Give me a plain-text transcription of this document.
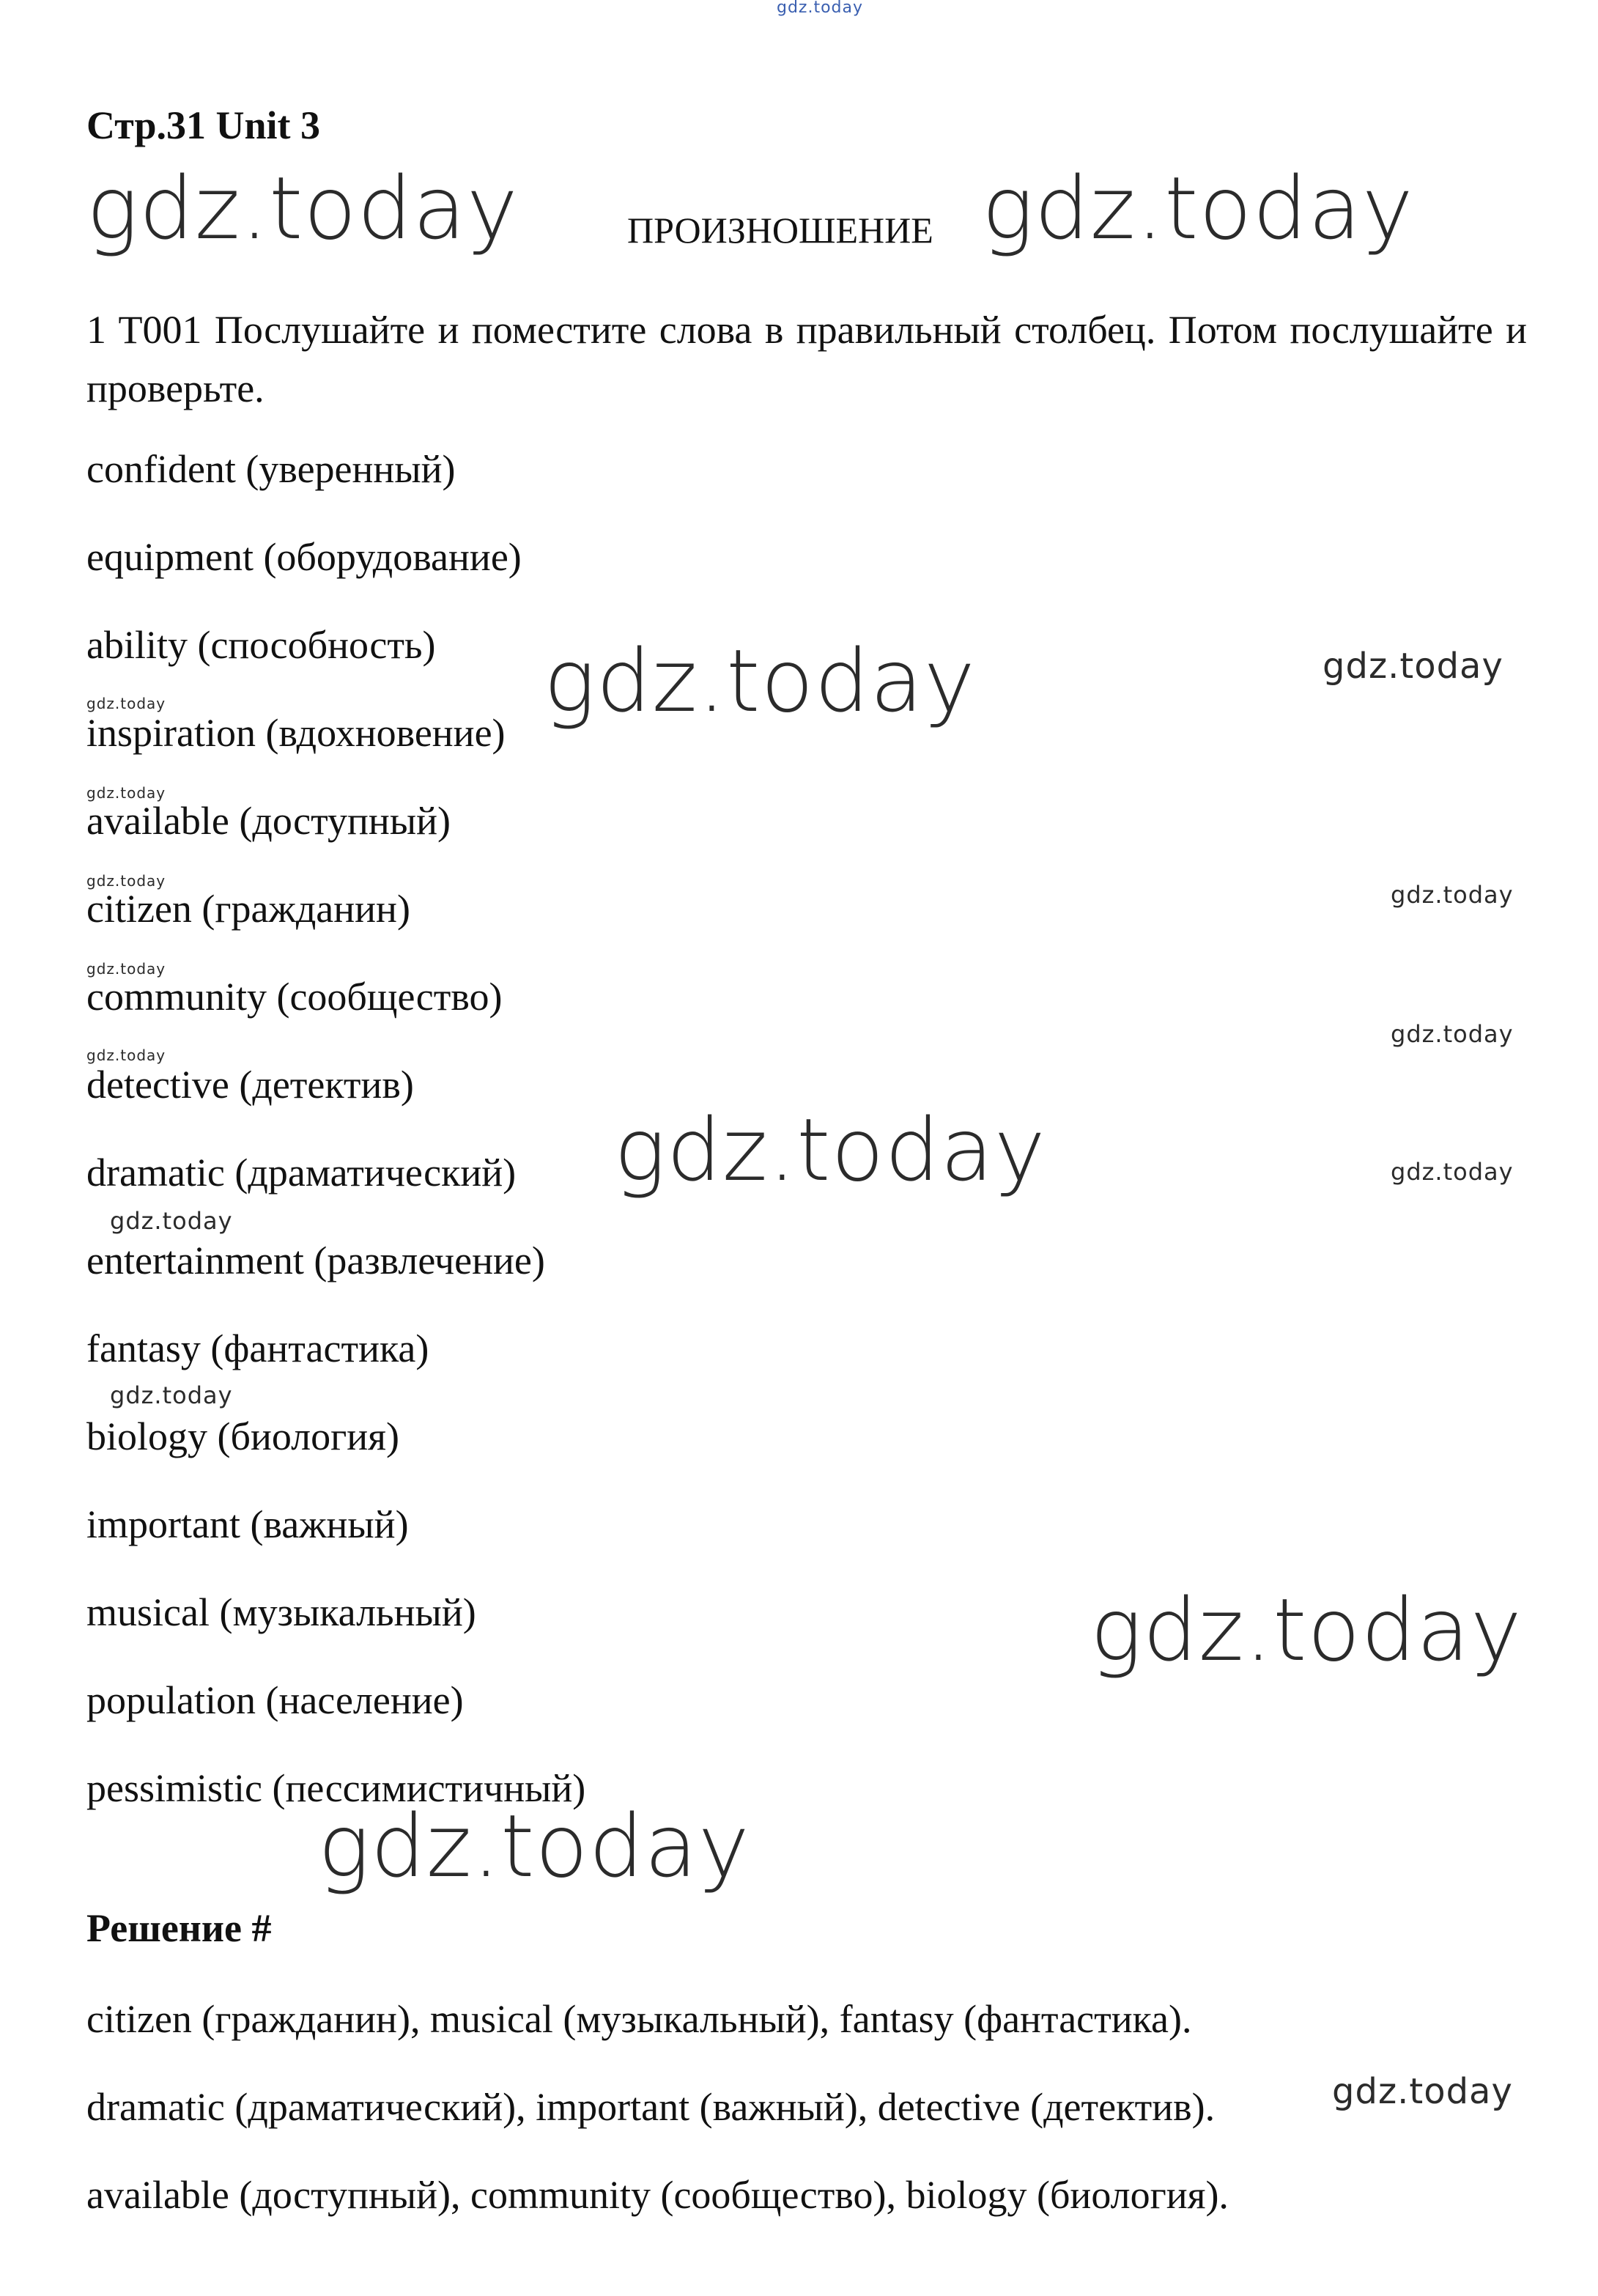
Стр.31 Unit 3
ПРОИЗНОШЕНИЕ

1 T001 Послушайте и поместите слова в правильный столбец. Потом послушайте и проверьте.

confident (уверенный)
equipment (оборудование)
ability (способность)
inspiration (вдохновение)
available (доступный)
citizen (гражданин)
community (сообщество)
detective (детектив)
dramatic (драматический)
entertainment (развлечение)
fantasy (фантастика)
biology (биология)
important (важный)
musical (музыкальный)
population (население)
pessimistic (пессимистичный)
Решение #
citizen (гражданин), musical (музыкальный), fantasy (фантастика).
dramatic (драматический), important (важный), detective (детектив).
available (доступный), community (сообщество), biology (биология).
gdz.today
gdz.today	gdz.today
gdz.today	gdz.today
gdz.today
gdz.today
gdz.today	gdz.today
gdz.today
gdz.today
gdz.today
gdz.today	gdz.today
gdz.today
gdz.today
gdz.today
gdz.today
gdz.today
